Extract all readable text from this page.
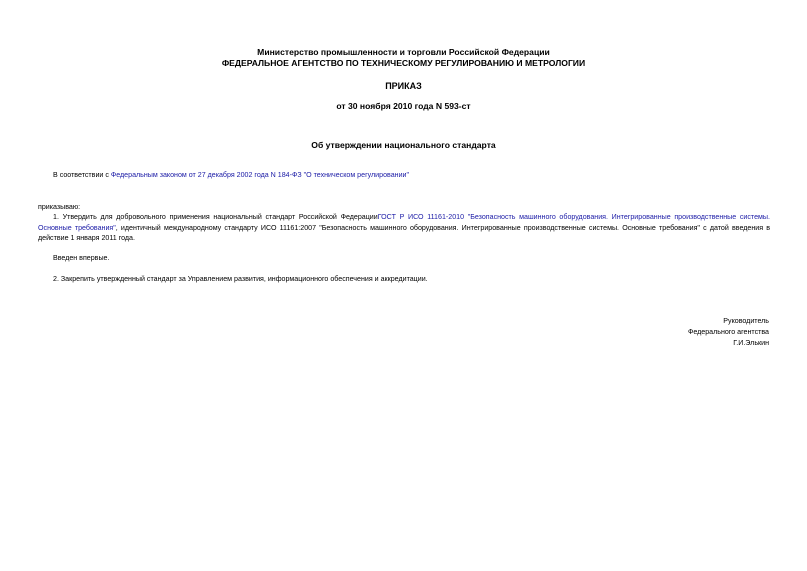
Министерство промышленности и торговли Российской Федерации
ФЕДЕРАЛЬНОЕ АГЕНТСТВО ПО ТЕХНИЧЕСКОМУ РЕГУЛИРОВАНИЮ И МЕТРОЛОГИИ
ПРИКАЗ
от 30 ноября 2010 года N 593-ст
Об утверждении национального стандарта
В соответствии с Федеральным законом от 27 декабря 2002 года N 184-ФЗ "О техническом регулировании"
приказываю:
1. Утвердить для добровольного применения национальный стандарт Российской ФедерацииГОСТ Р ИСО 11161-2010 "Безопасность машинного оборудования. Интегрированные производственные системы. Основные требования", идентичный международному стандарту ИСО 11161:2007 "Безопасность машинного оборудования. Интегрированные производственные системы. Основные требования" с датой введения в действие 1 января 2011 года.
Введен впервые.
2. Закрепить утвержденный стандарт за Управлением развития, информационного обеспечения и аккредитации.
Руководитель
Федерального агентства
Г.И.Элькин
